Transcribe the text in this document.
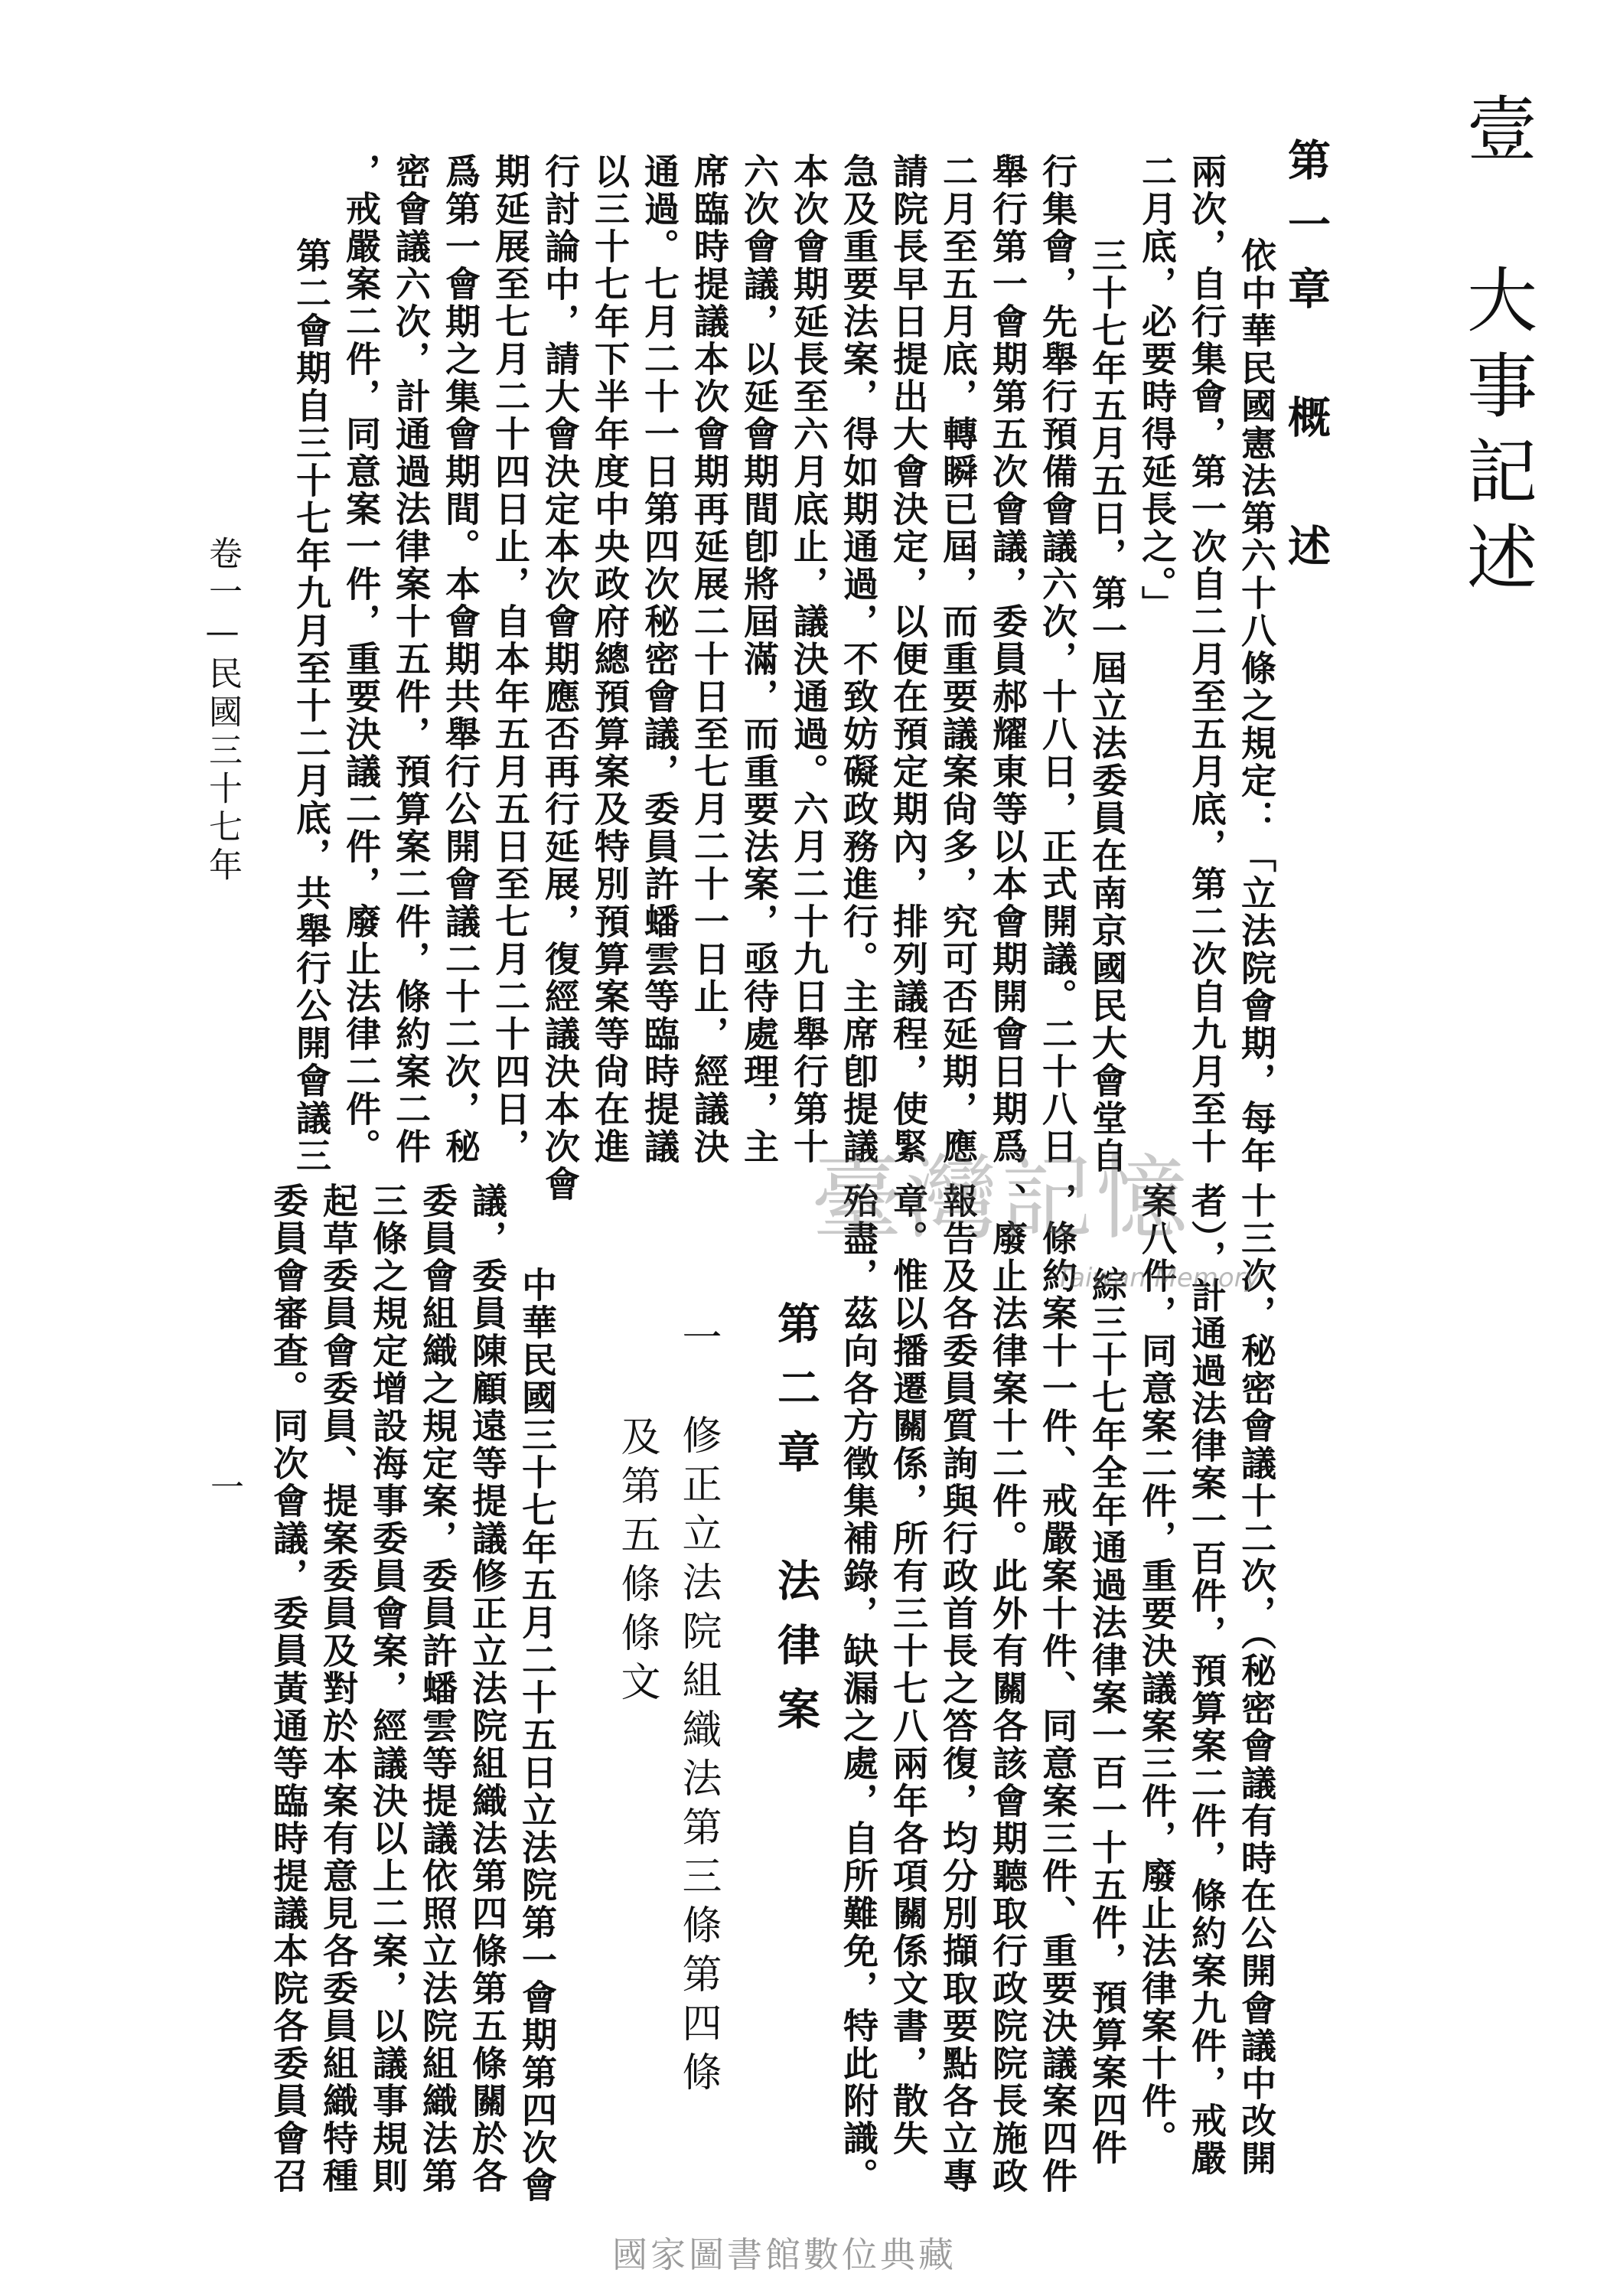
壹　大事記述
第一章　概　述
依中華民國憲法第六十八條之規定：「立法院會期，每年
兩次，自行集會，第一次自二月至五月底，第二次自九月至十
二月底，必要時得延長之。」
三十七年五月五日，第一屆立法委員在南京國民大會堂自
行集會，先舉行預備會議六次，十八日，正式開議。二十八日
舉行第一會期第五次會議，委員郝耀東等以本會期開會日期爲
二月至五月底，轉瞬已屆，而重要議案尙多，究可否延期，應
請院長早日提出大會決定，以便在預定期內，排列議程，使緊
急及重要法案，得如期通過，不致妨礙政務進行。主席卽提議
本次會期延長至六月底止，議決通過。六月二十九日舉行第十
六次會議，以延會期間卽將屆滿，而重要法案，亟待處理，主
席臨時提議本次會期再延展二十日至七月二十一日止，經議決
通過。七月二十一日第四次秘密會議，委員許蟠雲等臨時提議
以三十七年下半年度中央政府總預算案及特別預算案等尙在進
行討論中，請大會決定本次會期應否再行延展，復經議決本次會
期延展至七月二十四日止，自本年五月五日至七月二十四日，
爲第一會期之集會期間。本會期共舉行公開會議二十二次，秘
密會議六次，計通過法律案十五件，預算案二件，條約案二件
，戒嚴案二件，同意案一件，重要決議二件，廢止法律二件。
第二會期自三十七年九月至十二月底，共舉行公開會議三
卷一—民國三十七年
十三次，秘密會議十二次，（秘密會議有時在公開會議中改開
者），計通過法律案一百件，預算案二件，條約案九件，戒嚴
案八件，同意案二件，重要決議案三件，廢止法律案十件。
綜三十七年全年通過法律案一百一十五件，預算案四件
，條約案十一件、戒嚴案十件、同意案三件、重要決議案四件
、廢止法律案十二件。此外有關各該會期聽取行政院院長施政
報告及各委員質詢與行政首長之答復，均分別擷取要點各立專
章。惟以播遷關係，所有三十七八兩年各項關係文書，散失
殆盡，茲向各方徵集補錄，缺漏之處，自所難免，特此附識。
第二章　法律案
一　修正立法院組織法第三條第四條
及第五條條文
中華民國三十七年五月二十五日立法院第一會期第四次會
議，委員陳顧遠等提議修正立法院組織法第四條第五條關於各
委員會組織之規定案，委員許蟠雲等提議依照立法院組織法第
三條之規定增設海事委員會案，經議決以上二案，以議事規則
起草委員會委員、提案委員及對於本案有意見各委員組織特種
委員會審查。同次會議，委員黃通等臨時提議本院各委員會召
一
臺灣記憶
Taiwan Memory
國家圖書館數位典藏
